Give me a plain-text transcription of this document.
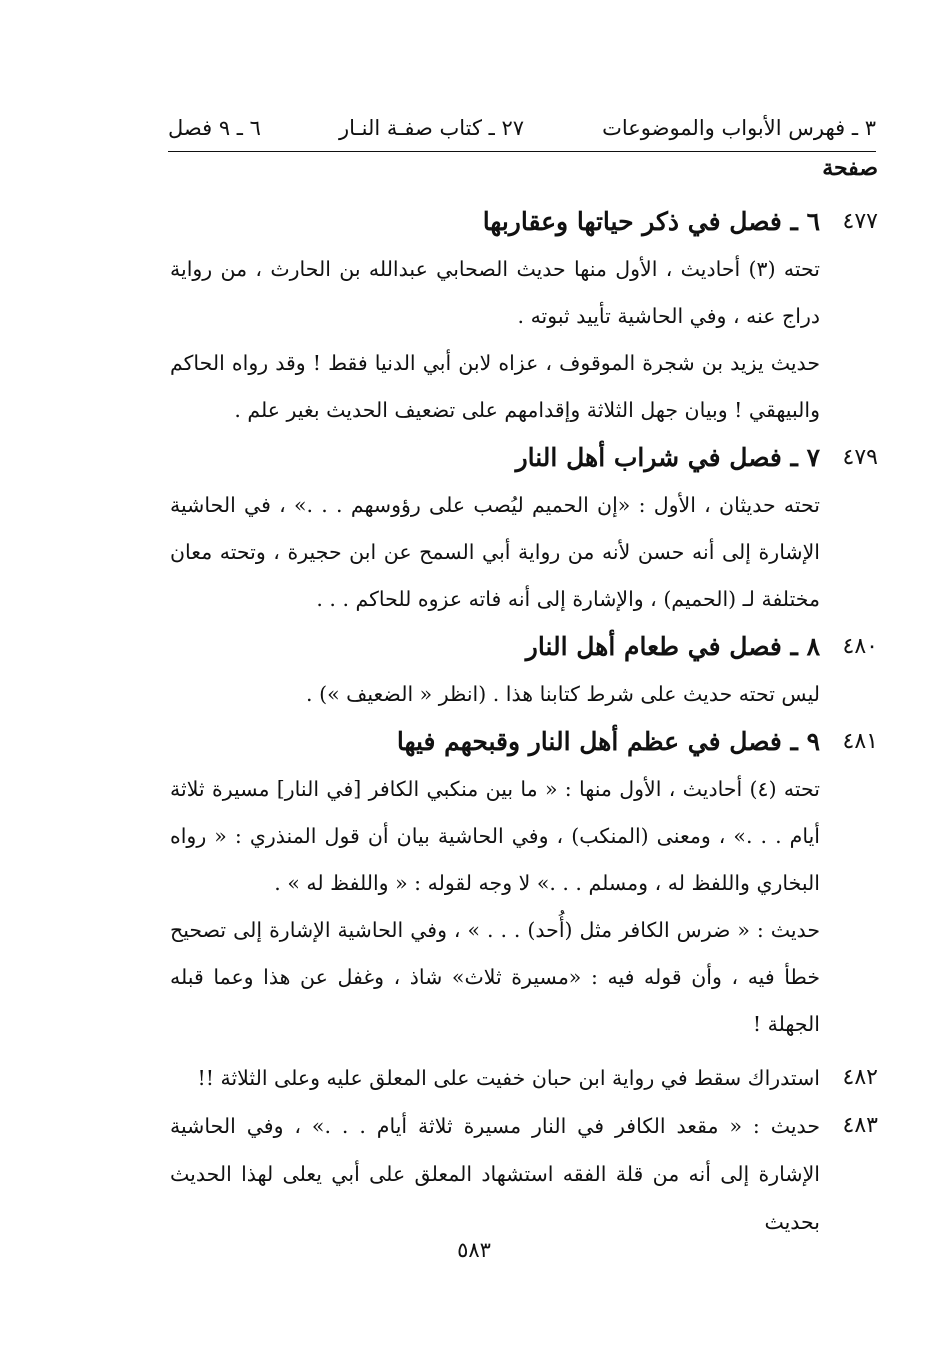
٣ ـ فهرس الأبواب والموضوعات
٢٧ ـ كتاب صفـة النـار
٦ ـ ٩ فصل
صفحة
٤٧٧
٦ ـ فصل في ذكر حياتها وعقاربها

تحته (٣) أحاديث ، الأول منها حديث الصحابي عبدالله بن الحارث ، من رواية دراج عنه ، وفي الحاشية تأييد ثبوته .

حديث يزيد بن شجرة الموقوف ، عزاه لابن أبي الدنيا فقط ! وقد رواه الحاكم والبيهقي ! وبيان جهل الثلاثة وإقدامهم على تضعيف الحديث بغير علم .

٤٧٩
٧ ـ فصل في شراب أهل النار

تحته حديثان ، الأول : «إن الحميم ليُصب على رؤوسهم . . .» ، في الحاشية الإشارة إلى أنه حسن لأنه من رواية أبي السمح عن ابن حجيرة ، وتحته معان مختلفة لـ (الحميم) ، والإشارة إلى أنه فاته عزوه للحاكم . . .

٤٨٠
٨ ـ فصل في طعام أهل النار

ليس تحته حديث على شرط كتابنا هذا . (انظر « الضعيف ») .

٤٨١
٩ ـ فصل في عظم أهل النار وقبحهم فيها

تحته (٤) أحاديث ، الأول منها : « ما بين منكبي الكافر [في النار] مسيرة ثلاثة أيام . . .» ، ومعنى (المنكب) ، وفي الحاشية بيان أن قول المنذري : « رواه البخاري واللفظ له ، ومسلم . . .» لا وجه لقوله : « واللفظ له » .

حديث : « ضرس الكافر مثل (أُحد) . . . » ، وفي الحاشية الإشارة إلى تصحيح خطأ فيه ، وأن قوله فيه : «مسيرة ثلاث» شاذ ، وغفل عن هذا وعما قبله الجهلة !

٤٨٢

استدراك سقط في رواية ابن حبان خفيت على المعلق عليه وعلى الثلاثة !!

٤٨٣

حديث : « مقعد الكافر في النار مسيرة ثلاثة أيام . . .» ، وفي الحاشية الإشارة إلى أنه من قلة الفقه استشهاد المعلق على أبي يعلى لهذا الحديث بحديث

٥٨٣
